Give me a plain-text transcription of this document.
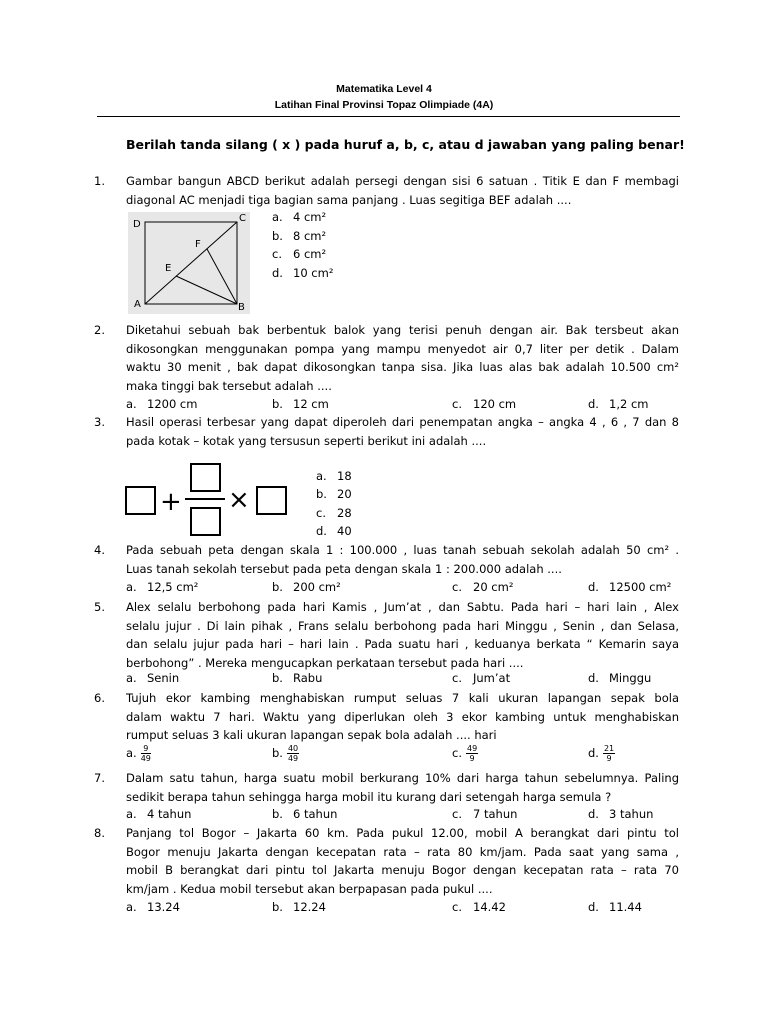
Matematika Level 4
Latihan Final Provinsi Topaz Olimpiade (4A)
Berilah tanda silang ( x ) pada huruf a, b, c, atau d jawaban yang paling benar!
1. Gambar bangun ABCD berikut adalah persegi dengan sisi 6 satuan . Titik E dan F membagi
diagonal AC menjadi tiga bagian sama panjang . Luas segitiga BEF adalah ....
D
C
F
E
A	B
a. 4 cm²
b. 8 cm²
c. 6 cm²
d. 10 cm²
2. Diketahui sebuah bak berbentuk balok yang terisi penuh dengan air. Bak tersbeut akan
dikosongkan menggunakan pompa yang mampu menyedot air 0,7 liter per detik . Dalam
waktu 30 menit , bak dapat dikosongkan tanpa sisa. Jika luas alas bak adalah 10.500 cm²
maka tinggi bak tersebut adalah ....
a. 1200 cm	b. 12 cm	c. 120 cm	d. 1,2 cm
3. Hasil operasi terbesar yang dapat diperoleh dari penempatan angka – angka 4 , 6 , 7 dan 8
pada kotak – kotak yang tersusun seperti berikut ini adalah ....
+ ×
a. 18
b. 20
c. 28
d. 40
4. Pada sebuah peta dengan skala 1 : 100.000 , luas tanah sebuah sekolah adalah 50 cm² .
Luas tanah sekolah tersebut pada peta dengan skala 1 : 200.000 adalah ....
a. 12,5 cm²	b. 200 cm²	c. 20 cm²	d. 12500 cm²
5. Alex selalu berbohong pada hari Kamis , Jum’at , dan Sabtu. Pada hari – hari lain , Alex
selalu jujur . Di lain pihak , Frans selalu berbohong pada hari Minggu , Senin , dan Selasa,
dan selalu jujur pada hari – hari lain . Pada suatu hari , keduanya berkata “ Kemarin saya
berbohong” . Mereka mengucapkan perkataan tersebut pada hari ....
a. Senin	b. Rabu	c. Jum’at	d. Minggu
6. Tujuh ekor kambing menghabiskan rumput seluas 7 kali ukuran lapangan sepak bola
dalam waktu 7 hari. Waktu yang diperlukan oleh 3 ekor kambing untuk menghabiskan
rumput seluas 3 kali ukuran lapangan sepak bola adalah .... hari
a. $\frac{9}{49}$	b. $\frac{40}{49}$	c. $\frac{49}{9}$	d. $\frac{21}{9}$
7. Dalam satu tahun, harga suatu mobil berkurang 10% dari harga tahun sebelumnya. Paling
sedikit berapa tahun sehingga harga mobil itu kurang dari setengah harga semula ?
a. 4 tahun	b. 6 tahun	c. 7 tahun	d. 3 tahun
8. Panjang tol Bogor – Jakarta 60 km. Pada pukul 12.00, mobil A berangkat dari pintu tol
Bogor menuju Jakarta dengan kecepatan rata – rata 80 km/jam. Pada saat yang sama ,
mobil B berangkat dari pintu tol Jakarta menuju Bogor dengan kecepatan rata – rata 70
km/jam . Kedua mobil tersebut akan berpapasan pada pukul ....
a. 13.24	b. 12.24	c. 14.42	d. 11.44
